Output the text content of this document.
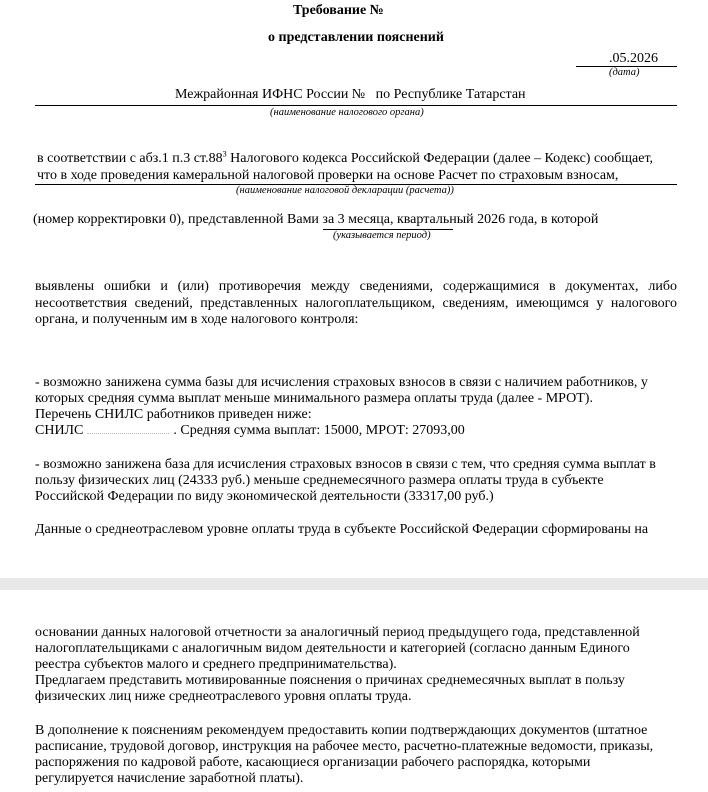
Требование №
о представлении пояснений
.05.2026
(дата)
Межрайонная ИФНС России №   по Республике Татарстан
(наименование налогового органа)
в соответствии с абз.1 п.3 $ст.88^3$ Налогового кодекса Российской Федерации (далее – Кодекс) сообщает,
что в ходе проведения камеральной налоговой проверки на основе Расчет по страховым взносам,
(наименование налоговой декларации (расчета))
(номер корректировки 0), представленной Вами за 3 месяца, квартальный 2026 года, в которой
(указывается период)
выявлены ошибки и (или) противоречия между сведениями, содержащимися в документах, либо несоответствия сведений, представленных налогоплательщиком, сведениям, имеющимся у налогового органа, и полученным им в ходе налогового контроля:
- возможно занижена сумма базы для исчисления страховых взносов в связи с наличием работников, у
которых средняя сумма выплат меньше минимального размера оплаты труда (далее - МРОТ).
Перечень СНИЛС работников приведен ниже:
СНИЛС	. Средняя сумма выплат: 15000, МРОТ: 27093,00
- возможно занижена база для исчисления страховых взносов в связи с тем, что средняя сумма выплат в
пользу физических лиц (24333 руб.) меньше среднемесячного размера оплаты труда в субъекте
Российской Федерации по виду экономической деятельности (33317,00 руб.)
Данные о среднеотраслевом уровне оплаты труда в субъекте Российской Федерации сформированы на
основании данных налоговой отчетности за аналогичный период предыдущего года, представленной
налогоплательщиками с аналогичным видом деятельности и категорией (согласно данным Единого
реестра субъектов малого и среднего предпринимательства).
Предлагаем представить мотивированные пояснения о причинах среднемесячных выплат в пользу
физических лиц ниже среднеотраслевого уровня оплаты труда.
В дополнение к пояснениям рекомендуем предоставить копии подтверждающих документов (штатное
расписание, трудовой договор, инструкция на рабочее место, расчетно-платежные ведомости, приказы,
распоряжения по кадровой работе, касающиеся организации рабочего распорядка, которыми
регулируется начисление заработной платы).
